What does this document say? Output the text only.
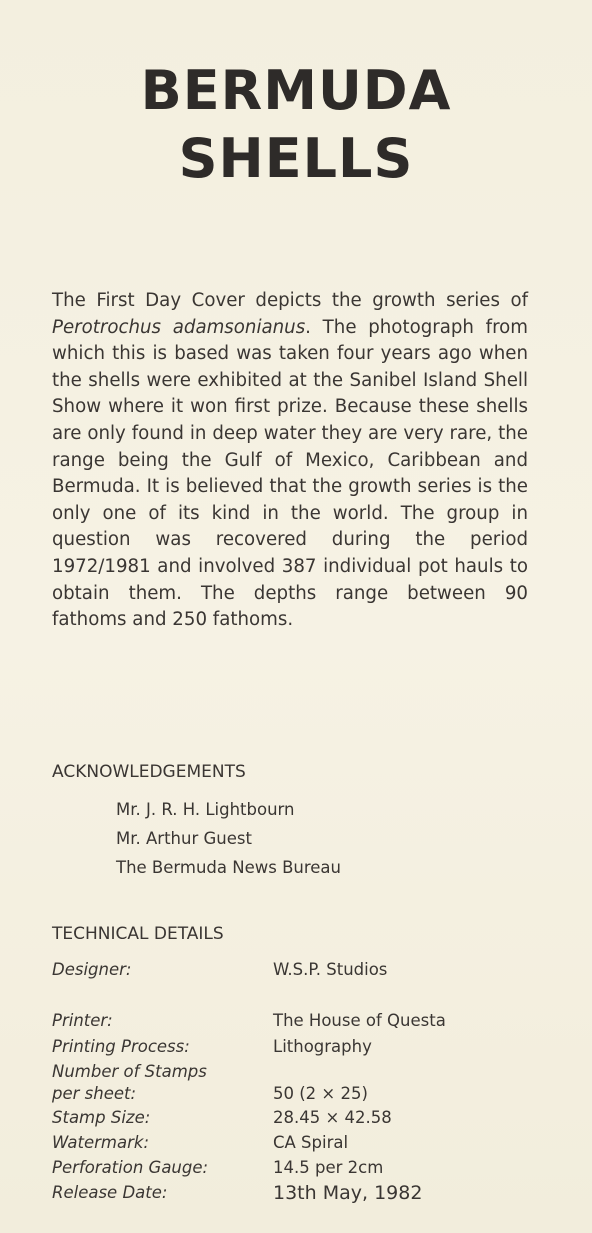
BERMUDA
SHELLS

The First Day Cover depicts the growth series of Perotrochus adamsonianus. The photograph from which this is based was taken four years ago when the shells were exhibited at the Sanibel Island Shell Show where it won first prize. Because these shells are only found in deep water they are very rare, the range being the Gulf of Mexico, Caribbean and Bermuda. It is believed that the growth series is the only one of its kind in the world. The group in question was recovered during the period 1972/1981 and involved 387 individual pot hauls to obtain them. The depths range between 90 fathoms and 250 fathoms.

ACKNOWLEDGEMENTS
Mr. J. R. H. Lightbourn
Mr. Arthur Guest
The Bermuda News Bureau
TECHNICAL DETAILS
Designer:	W.S.P. Studios
Printer:	The House of Questa
Printing Process:	Lithography
Number of Stamps
per sheet:	50 (2 × 25)
Stamp Size:	28.45 × 42.58
Watermark:	CA Spiral
Perforation Gauge:	14.5 per 2cm
Release Date:	13th May, 1982
